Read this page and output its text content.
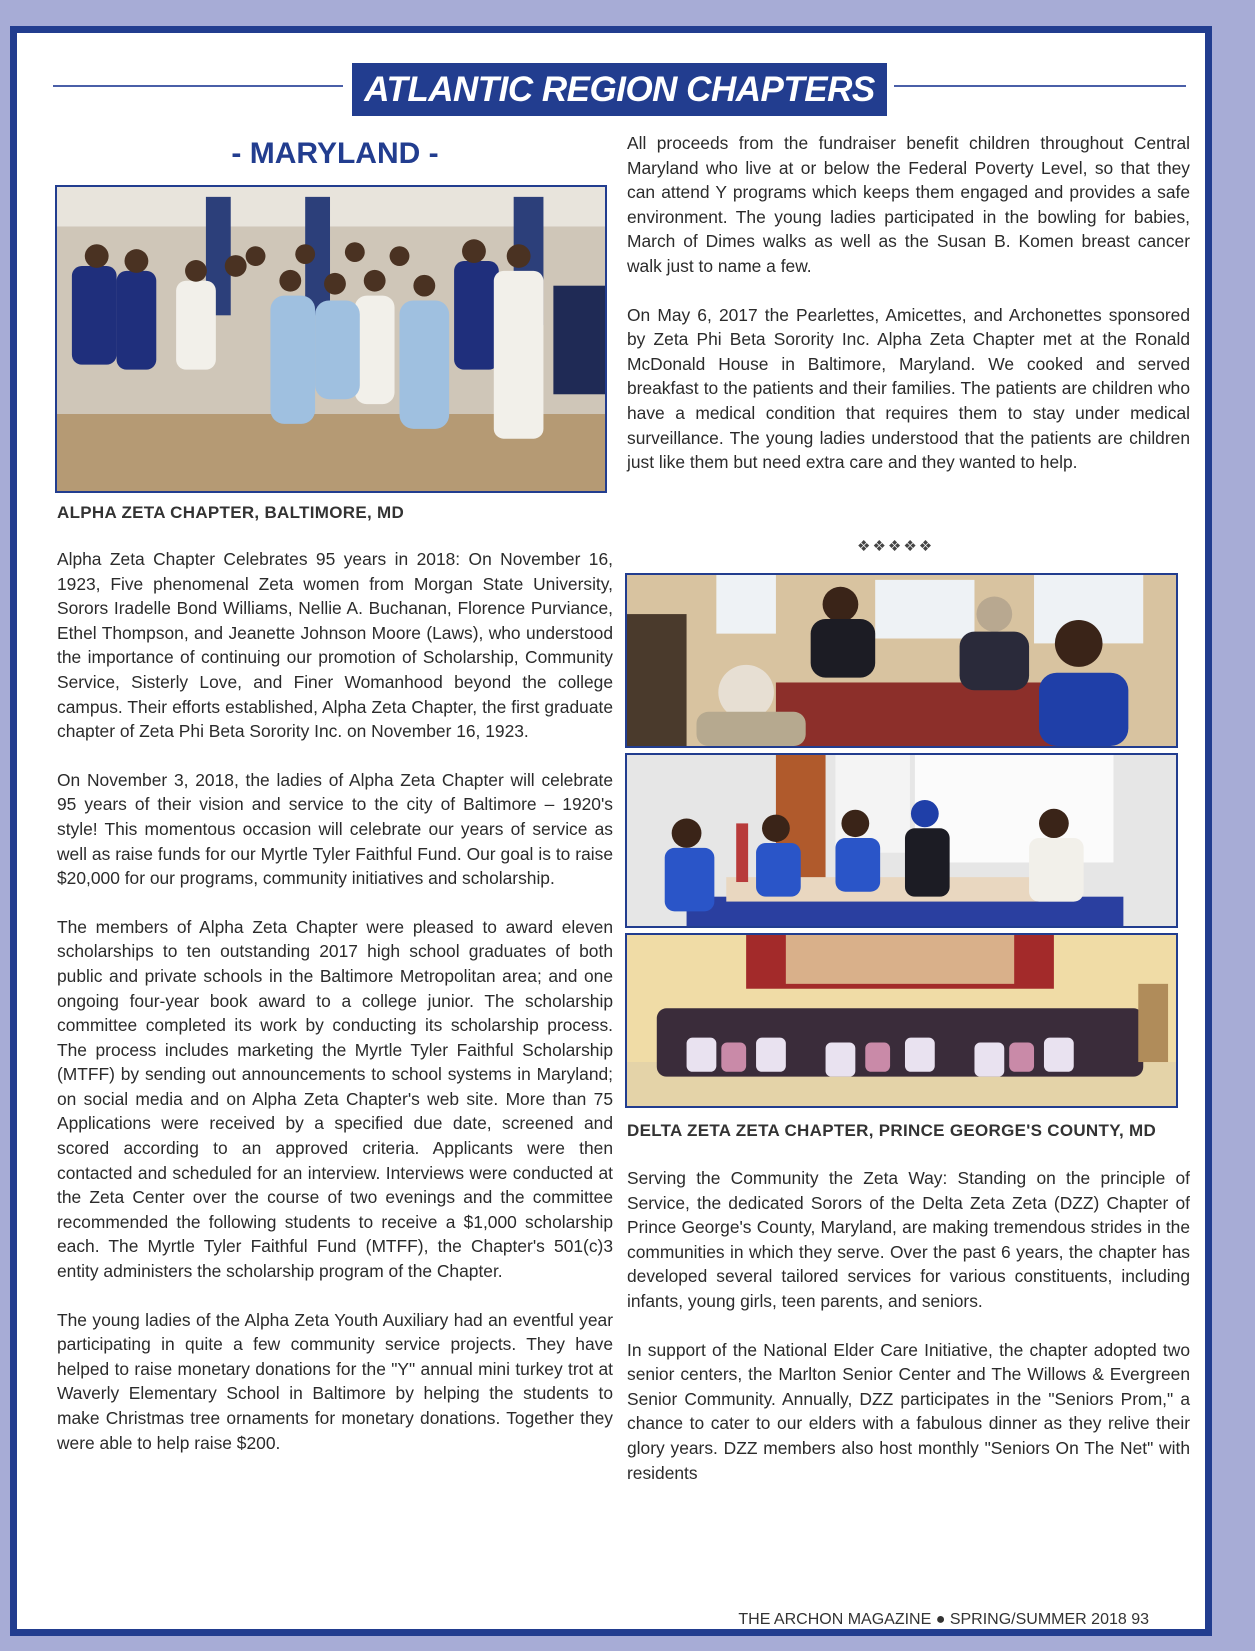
ATLANTIC REGION CHAPTERS
- MARYLAND -
ALPHA ZETA CHAPTER, BALTIMORE, MD

Alpha Zeta Chapter Celebrates 95 years in 2018: On November 16, 1923, Five phenomenal Zeta women from Morgan State University, Sorors Iradelle Bond Williams, Nellie A. Buchanan, Florence Purviance, Ethel Thompson, and Jeanette Johnson Moore (Laws), who understood the importance of continuing our promotion of Scholarship, Community Service, Sisterly Love, and Finer Womanhood beyond the college campus. Their efforts established, Alpha Zeta Chapter, the first graduate chapter of Zeta Phi Beta Sorority Inc. on November 16, 1923.

On November 3, 2018, the ladies of Alpha Zeta Chapter will celebrate 95 years of their vision and service to the city of Baltimore – 1920's style! This momentous occasion will celebrate our years of service as well as raise funds for our Myrtle Tyler Faithful Fund. Our goal is to raise $20,000 for our programs, community initiatives and scholarship.

The members of Alpha Zeta Chapter were pleased to award eleven scholarships to ten outstanding 2017 high school graduates of both public and private schools in the Baltimore Metropolitan area; and one ongoing four-year book award to a college junior. The scholarship committee completed its work by conducting its scholarship process. The process includes marketing the Myrtle Tyler Faithful Scholarship (MTFF) by sending out announcements to school systems in Maryland; on social media and on Alpha Zeta Chapter's web site. More than 75 Applications were received by a specified due date, screened and scored according to an approved criteria. Applicants were then contacted and scheduled for an interview. Interviews were conducted at the Zeta Center over the course of two evenings and the committee recommended the following students to receive a $1,000 scholarship each. The Myrtle Tyler Faithful Fund (MTFF), the Chapter's 501(c)3 entity administers the scholarship program of the Chapter.

The young ladies of the Alpha Zeta Youth Auxiliary had an eventful year participating in quite a few community service projects. They have helped to raise monetary donations for the "Y" annual mini turkey trot at Waverly Elementary School in Baltimore by helping the students to make Christmas tree ornaments for monetary donations. Together they were able to help raise $200.

All proceeds from the fundraiser benefit children throughout Central Maryland who live at or below the Federal Poverty Level, so that they can attend Y programs which keeps them engaged and provides a safe environment. The young ladies participated in the bowling for babies, March of Dimes walks as well as the Susan B. Komen breast cancer walk just to name a few.

On May 6, 2017 the Pearlettes, Amicettes, and Archonettes sponsored by Zeta Phi Beta Sorority Inc. Alpha Zeta Chapter met at the Ronald McDonald House in Baltimore, Maryland. We cooked and served breakfast to the patients and their families. The patients are children who have a medical condition that requires them to stay under medical surveillance. The young ladies understood that the patients are children just like them but need extra care and they wanted to help.

❖❖❖❖❖
DELTA ZETA ZETA CHAPTER, PRINCE GEORGE'S COUNTY, MD

Serving the Community the Zeta Way: Standing on the principle of Service, the dedicated Sorors of the Delta Zeta Zeta (DZZ) Chapter of Prince George's County, Maryland, are making tremendous strides in the communities in which they serve. Over the past 6 years, the chapter has developed several tailored services for various constituents, including infants, young girls, teen parents, and seniors.

In support of the National Elder Care Initiative, the chapter adopted two senior centers, the Marlton Senior Center and The Willows & Evergreen Senior Community. Annually, DZZ participates in the "Seniors Prom," a chance to cater to our elders with a fabulous dinner as they relive their glory years. DZZ members also host monthly "Seniors On The Net" with residents

THE ARCHON MAGAZINE ● SPRING/SUMMER 2018 93
